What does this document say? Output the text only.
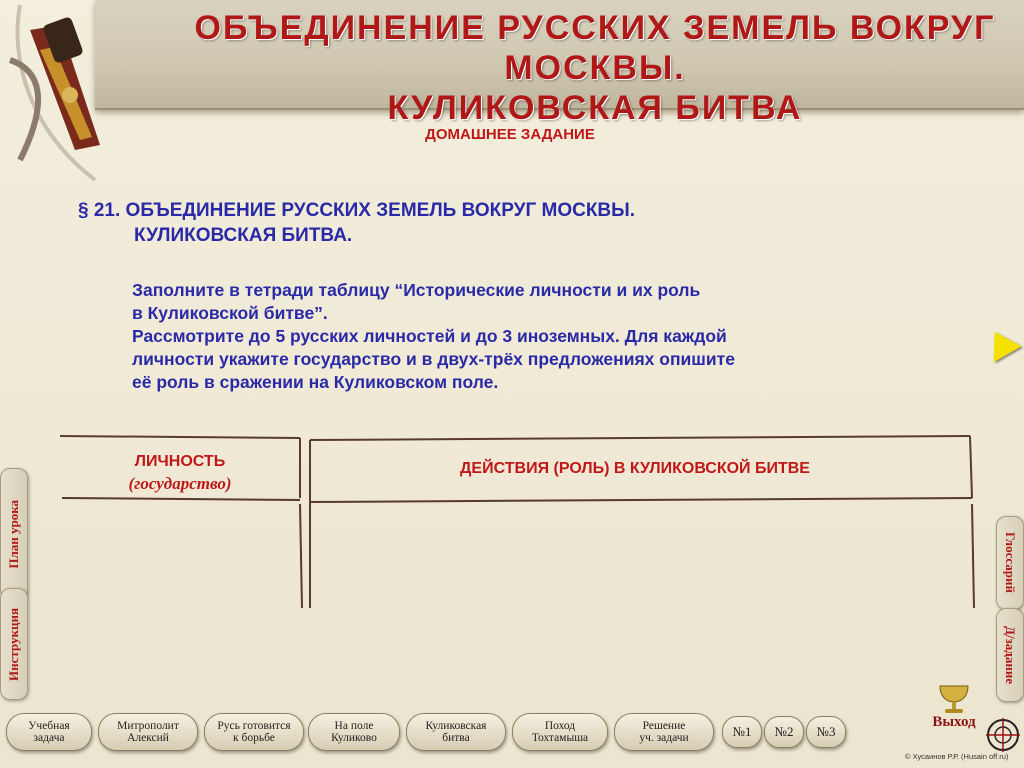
ОБЪЕДИНЕНИЕ РУССКИХ ЗЕМЕЛЬ ВОКРУГ МОСКВЫ.
КУЛИКОВСКАЯ БИТВА
ДОМАШНЕЕ ЗАДАНИЕ
§ 21. ОБЪЕДИНЕНИЕ РУССКИХ ЗЕМЕЛЬ ВОКРУГ МОСКВЫ.
КУЛИКОВСКАЯ БИТВА.

Заполните в тетради таблицу “Исторические личности и их роль

в Куликовской битве”.

Рассмотрите до 5 русских личностей и до 3 иноземных. Для каждой

личности укажите государство и в двух-трёх предложениях опишите

её роль в сражении на Куликовском поле.

ЛИЧНОСТЬ
(государство)
ДЕЙСТВИЯ (РОЛЬ) В КУЛИКОВСКОЙ БИТВЕ
План урока
Инструкция
Глоссарий
Д/задание
Учебная
задача
Митрополит
Алексий
Русь готовится
к борьбе
На поле
Куликово
Куликовская
битва
Поход
Тохтамыша
Решение
уч. задачи	№1	№2	№3
Выход
© Хусаинов Р.Р. (Husain off.ru)
